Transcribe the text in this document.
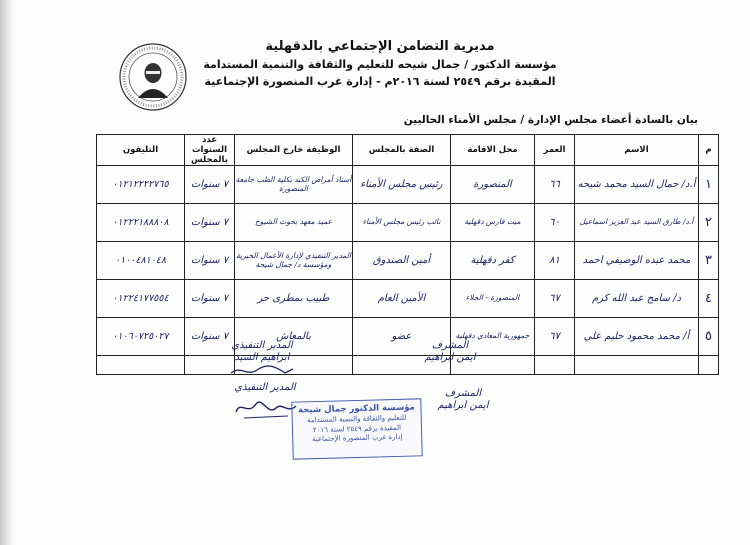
مديرية التضامن الإجتماعي بالدقهلية
مؤسسة الدكتور / جمال شيحه للتعليم والثقافة والتنمية المستدامة
المقيدة برقم ٢٥٤٩ لسنة ٢٠١٦م - إدارة غرب المنصورة الإجتماعية
بيان بالسادة أعضاء مجلس الإدارة / مجلس الأمناء الحاليين
م	الاسم	العمر	محل الاقامة	الصفة بالمجلس	الوظيفة خارج المجلس	عدد السنوات بالمجلس	التليفون
١	أ.د/ جمال السيد محمد شيحه	٦٦	المنصورة	رئيس مجلس الأمناء	أستاذ أمراض الكبد بكلية الطب جامعة المنصورة	٧ سنوات	٠١٢١٢٢٢٢٧٦٥
٢	أ.د/ طارق السيد عبد العزيز اسماعيل	٦٠	ميت فارس دقهلية	نائب رئيس مجلس الأمناء	عميد معهد بحوث الشيوخ	٧ سنوات	٠١٢٢٢١٨٨٨٠٨
٣	محمد عبده الوصيفي احمد	٨١	كفر دقهلية	أمين الصندوق	المدير التنفيذي لإدارة الأعمال الخيرية ومؤسسة د/ جمال شيحة	٧ سنوات	٠١٠٠٤٨١٠٤٨
٤	د/ سامح عبد الله كرم	٦٧	المنصورة - الجلاء	الأمين العام	طبيب بمطرى حر	٧ سنوات	٠١٢٢٤١٧٧٥٥٤
٥	أ/ محمد محمود حليم علي	٦٧	جمهورية المعادي دقهلية	عضو	بالمعاش	٧ سنوات	٠١٠٦٠٧٢٥٠٢٧

المدير التنفيذي
ابراهيم السيد
المشرف
ايمن ابراهيم
المدير التنفيذي
المشرف
ايمن ابراهيم
مؤسسة الدكتور جمال شيحة
للتعليم والثقافة والتنمية المستدامة
المقيدة برقم ٢٥٤٩ لسنة ٢٠١٦
إدارة غرب المنصورة الإجتماعية
